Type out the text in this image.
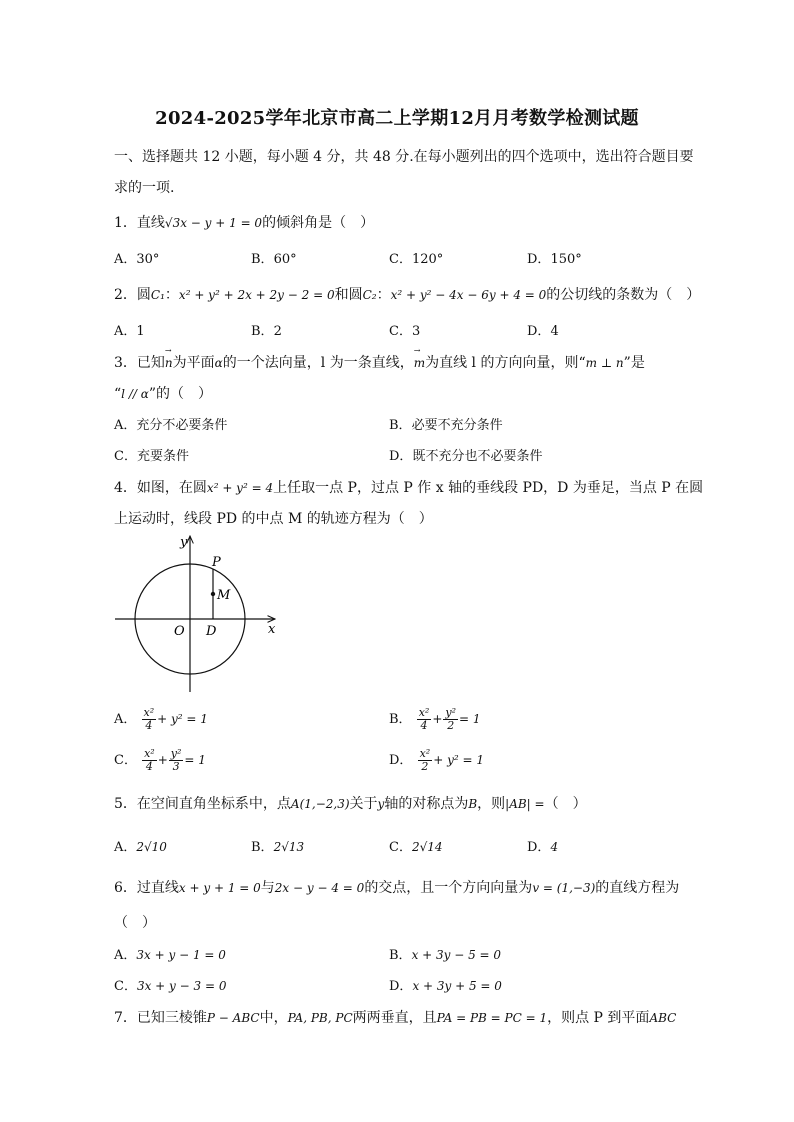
2024-2025学年北京市高二上学期12月月考数学检测试题
一、选择题共 12 小题，每小题 4 分，共 48 分.在每小题列出的四个选项中，选出符合题目要
求的一项.
1．直线√3x − y + 1 = 0的倾斜角是（　）
A．30°	B．60°	C．120°	D．150°
2．圆C₁：x² + y² + 2x + 2y − 2 = 0和圆C₂：x² + y² − 4x − 6y + 4 = 0的公切线的条数为（　）
A．1	B．2	C．3	D．4
3．已知→ n为平面α的一个法向量，l 为一条直线，→ m为直线 l 的方向向量，则“m ⊥ n”是
“l // α”的（　）
A．充分不必要条件	B．必要不充分条件
C．充要条件	D．既不充分也不必要条件
4．如图，在圆x² + y² = 4上任取一点 P，过点 P 作 x 轴的垂线段 PD，D 为垂足，当点 P 在圆
上运动时，线段 PD 的中点 M 的轨迹方程为（　）
y
x
O D
P
M
A． $\frac{\text{x²}}{4} + y^2 = 1$	B． $\frac{\text{x²}}{4} + \frac{\text{y²}}{2} = 1$
C． $\frac{\text{x²}}{4} + \frac{\text{y²}}{3} = 1$	D． $\frac{\text{x²}}{2} + y^2 = 1$
5．在空间直角坐标系中，点A(1,−2,3)关于y轴的对称点为B，则|AB| =（　）
A．2√10	B．2√13	C．2√14	D．4
6．过直线x + y + 1 = 0与2x − y − 4 = 0的交点，且一个方向向量为v = (1,−3)的直线方程为
（　）
A．3x + y − 1 = 0	B．x + 3y − 5 = 0
C．3x + y − 3 = 0	D．x + 3y + 5 = 0
7．已知三棱锥P − ABC中，PA, PB, PC两两垂直，且PA = PB = PC = 1，则点 P 到平面ABC
